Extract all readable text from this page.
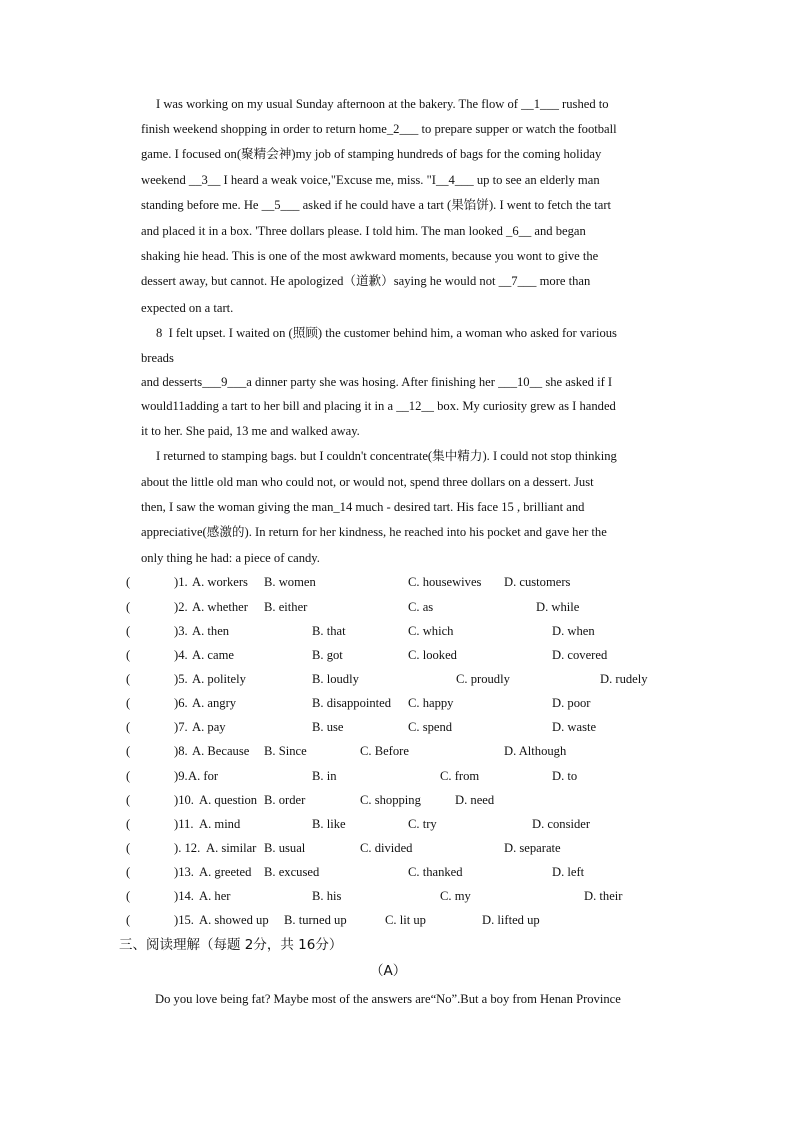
I was working on my usual Sunday afternoon at the bakery. The flow of __1___ rushed to
finish weekend shopping in order to return home_2___ to prepare supper or watch the football
game. I focused on(聚精会神)my job of stamping hundreds of bags for the coming holiday
weekend __3__ I heard a weak voice,"Excuse me, miss. "I__4___ up to see an elderly man
standing before me. He __5___ asked if he could have a tart (果馅饼). I went to fetch the tart
and placed it in a box. 'Three dollars please. I told him. The man looked _6__ and began
shaking hie head. This is one of the most awkward moments, because you wont to give the
dessert away, but cannot. He apologized（道歉）saying he would not __7___ more than
expected on a tart.
8  I felt upset. I waited on (照顾) the customer behind him, a woman who asked for various
breads
and desserts___9___a dinner party she was hosing. After finishing her ___10__ she asked if I
would11adding a tart to her bill and placing it in a __12__ box. My curiosity grew as I handed
it to her. She paid, 13 me and walked away.
I returned to stamping bags. but I couldn't concentrate(集中精力). I could not stop thinking
about the little old man who could not, or would not, spend three dollars on a dessert. Just
then, I saw the woman giving the man_14 much - desired tart. His face 15 , brilliant and
appreciative(感激的). In return for her kindness, he reached into his pocket and gave her the
only thing he had: a piece of candy.
(	)1. A. workers B. women	C. housewives D. customers
(	)2. A. whether B. either	C. as	D. while
(	)3. A. then	B. that	C. which	D. when
(	)4. A. came	B. got	C. looked	D. covered
(	)5. A. politely	B. loudly	C. proudly	D. rudely
(	)6. A. angry	B. disappointed C. happy	D. poor
(	)7. A. pay	B. use	C. spend	D. waste
(	)8. A. Because B. Since	C. Before	D. Although
(	)9. A. for	B. in	C. from	D. to
(	)10. A. question B. order	C. shopping	D. need
(	)11. A. mind	B. like	C. try	D. consider
(	). 12. A. similar B. usual	C. divided	D. separate
(	)13. A. greeted B. excused	C. thanked	D. left
(	)14. A. her	B. his	C. my	D. their
(	)15. A. showed up B. turned up	C. lit up	D. lifted up
三、阅读理解（每题 2分，共 16分）
（A）
Do you love being fat? Maybe most of the answers are“No”.But a boy from Henan Province
